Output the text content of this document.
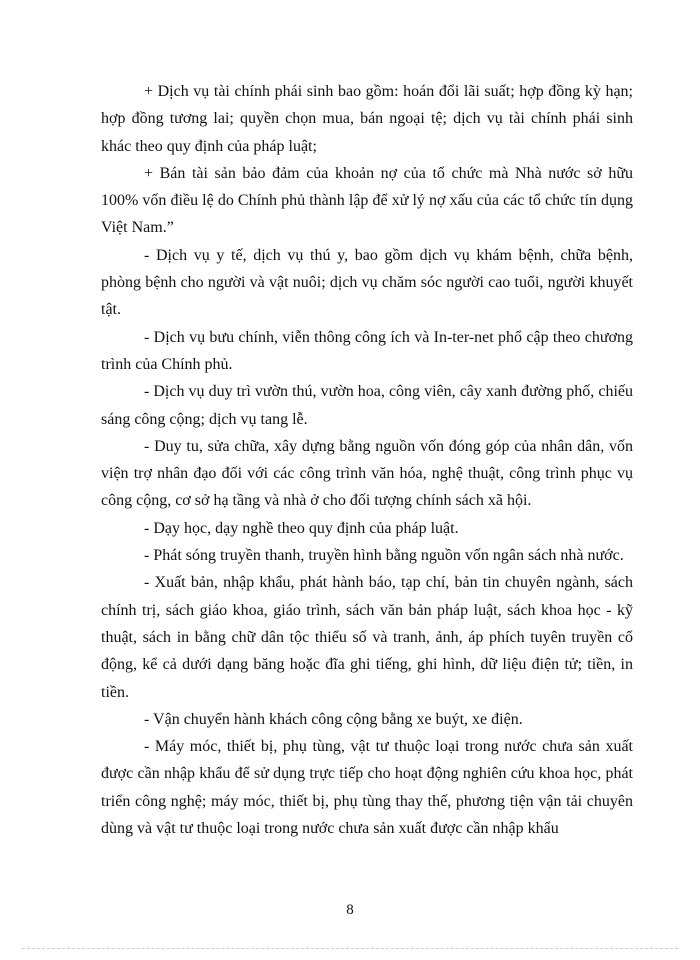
+ Dịch vụ tài chính phái sinh bao gồm: hoán đổi lãi suất; hợp đồng kỳ hạn; hợp đồng tương lai; quyền chọn mua, bán ngoại tệ; dịch vụ tài chính phái sinh khác theo quy định của pháp luật;

+ Bán tài sản bảo đảm của khoản nợ của tổ chức mà Nhà nước sở hữu 100% vốn điều lệ do Chính phủ thành lập để xử lý nợ xấu của các tổ chức tín dụng Việt Nam.”

- Dịch vụ y tế, dịch vụ thú y, bao gồm dịch vụ khám bệnh, chữa bệnh, phòng bệnh cho người và vật nuôi; dịch vụ chăm sóc người cao tuổi, người khuyết tật.

- Dịch vụ bưu chính, viễn thông công ích và In-ter-net phổ cập theo chương trình của Chính phủ.

- Dịch vụ duy trì vườn thú, vườn hoa, công viên, cây xanh đường phố, chiếu sáng công cộng; dịch vụ tang lễ.

- Duy tu, sửa chữa, xây dựng bằng nguồn vốn đóng góp của nhân dân, vốn viện trợ nhân đạo đối với các công trình văn hóa, nghệ thuật, công trình phục vụ công cộng, cơ sở hạ tầng và nhà ở cho đối tượng chính sách xã hội.

- Dạy học, dạy nghề theo quy định của pháp luật.

- Phát sóng truyền thanh, truyền hình bằng nguồn vốn ngân sách nhà nước.

- Xuất bản, nhập khẩu, phát hành báo, tạp chí, bản tin chuyên ngành, sách chính trị, sách giáo khoa, giáo trình, sách văn bản pháp luật, sách khoa học - kỹ thuật, sách in bằng chữ dân tộc thiểu số và tranh, ảnh, áp phích tuyên truyền cổ động, kể cả dưới dạng băng hoặc đĩa ghi tiếng, ghi hình, dữ liệu điện tử; tiền, in tiền.

- Vận chuyển hành khách công cộng bằng xe buýt, xe điện.

- Máy móc, thiết bị, phụ tùng, vật tư thuộc loại trong nước chưa sản xuất được cần nhập khẩu để sử dụng trực tiếp cho hoạt động nghiên cứu khoa học, phát triển công nghệ; máy móc, thiết bị, phụ tùng thay thế, phương tiện vận tải chuyên dùng và vật tư thuộc loại trong nước chưa sản xuất được cần nhập khẩu

8
